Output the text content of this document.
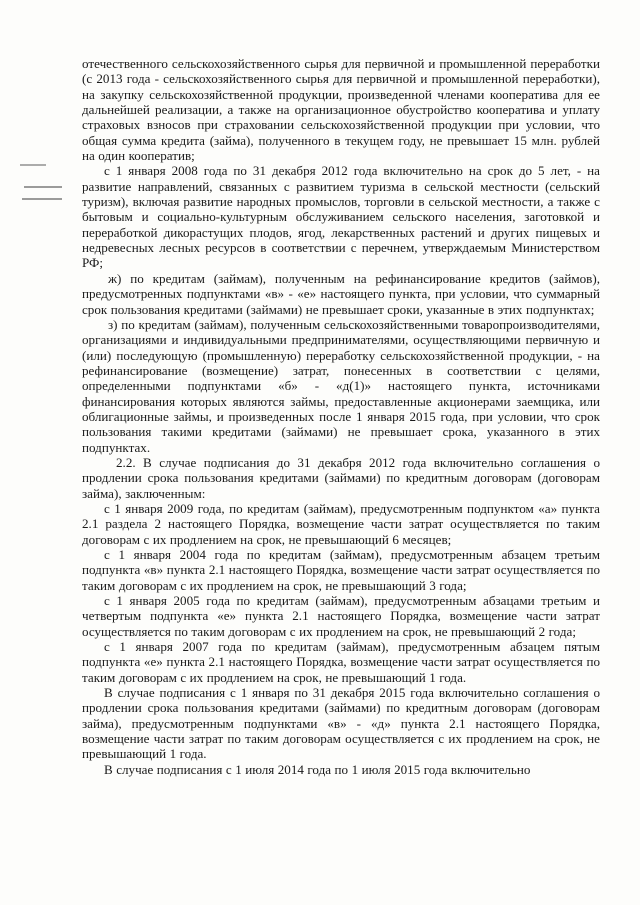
отечественного сельскохозяйственного сырья для первичной и промышленной переработки (с 2013 года - сельскохозяйственного сырья для первичной и промышленной переработки), на закупку сельскохозяйственной продукции, произведенной членами кооператива для ее дальнейшей реализации, а также на организационное обустройство кооператива и уплату страховых взносов при страховании сельскохозяйственной продукции при условии, что общая сумма кредита (займа), полученного в текущем году, не превышает 15 млн. рублей на один кооператив;

с 1 января 2008 года по 31 декабря 2012 года включительно на срок до 5 лет, - на развитие направлений, связанных с развитием туризма в сельской местности (сельский туризм), включая развитие народных промыслов, торговли в сельской местности, а также с бытовым и социально-культурным обслуживанием сельского населения, заготовкой и переработкой дикорастущих плодов, ягод, лекарственных растений и других пищевых и недревесных лесных ресурсов в соответствии с перечнем, утверждаемым Министерством РФ;

ж) по кредитам (займам), полученным на рефинансирование кредитов (займов), предусмотренных подпунктами «в» - «е» настоящего пункта, при условии, что суммарный срок пользования кредитами (займами) не превышает сроки, указанные в этих подпунктах;

з) по кредитам (займам), полученным сельскохозяйственными товаропроизводителями, организациями и индивидуальными предпринимателями, осуществляющими первичную и (или) последующую (промышленную) переработку сельскохозяйственной продукции, - на рефинансирование (возмещение) затрат, понесенных в соответствии с целями, определенными подпунктами «б» - «д(1)» настоящего пункта, источниками финансирования которых являются займы, предоставленные акционерами заемщика, или облигационные займы, и произведенных после 1 января 2015 года, при условии, что срок пользования такими кредитами (займами) не превышает срока, указанного в этих подпунктах.

2.2. В случае подписания до 31 декабря 2012 года включительно соглашения о продлении срока пользования кредитами (займами) по кредитным договорам (договорам займа), заключенным:

с 1 января 2009 года, по кредитам (займам), предусмотренным подпунктом «а» пункта 2.1 раздела 2 настоящего Порядка, возмещение части затрат осуществляется по таким договорам с их продлением на срок, не превышающий 6 месяцев;

с 1 января 2004 года по кредитам (займам), предусмотренным абзацем третьим подпункта «в» пункта 2.1 настоящего Порядка, возмещение части затрат осуществляется по таким договорам с их продлением на срок, не превышающий 3 года;

с 1 января 2005 года по кредитам (займам), предусмотренным абзацами третьим и четвертым подпункта «е» пункта 2.1 настоящего Порядка, возмещение части затрат осуществляется по таким договорам с их продлением на срок, не превышающий 2 года;

с 1 января 2007 года по кредитам (займам), предусмотренным абзацем пятым подпункта «е» пункта 2.1 настоящего Порядка, возмещение части затрат осуществляется по таким договорам с их продлением на срок, не превышающий 1 года.

В случае подписания с 1 января по 31 декабря 2015 года включительно соглашения о продлении срока пользования кредитами (займами) по кредитным договорам (договорам займа), предусмотренным подпунктами «в» - «д» пункта 2.1 настоящего Порядка, возмещение части затрат по таким договорам осуществляется с их продлением на срок, не превышающий 1 года.

В случае подписания с 1 июля 2014 года по 1 июля 2015 года включительно
